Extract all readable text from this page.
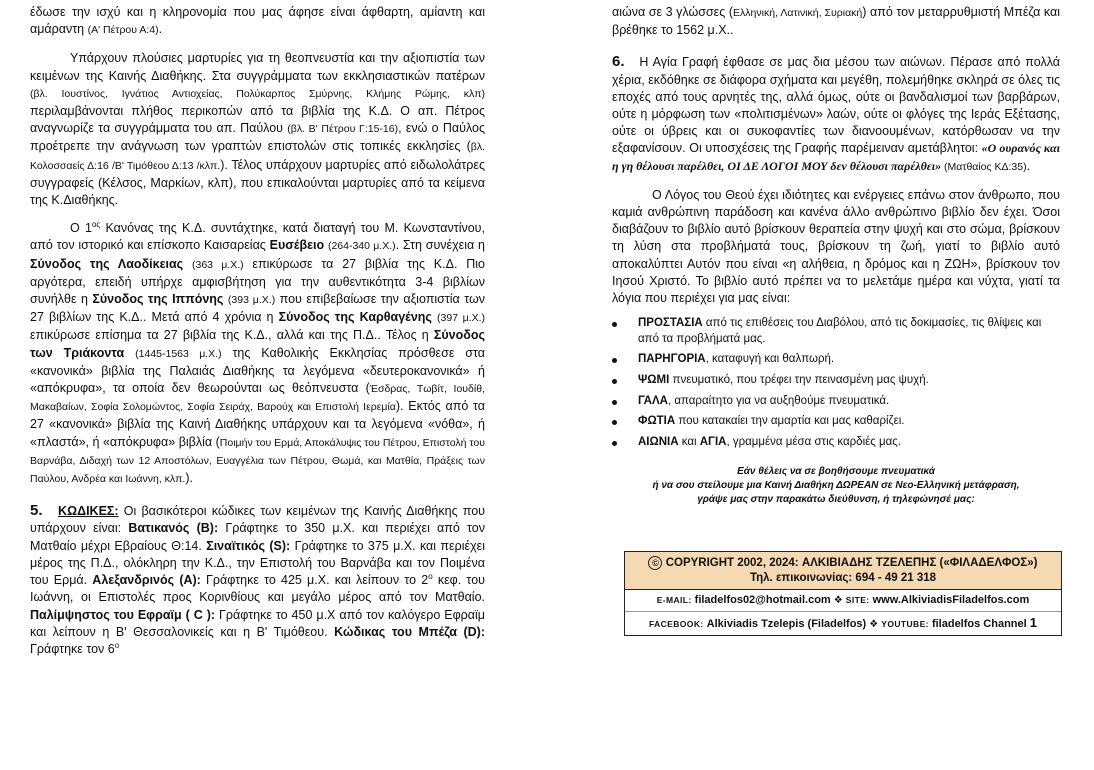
έδωσε την ισχύ και η κληρονομία που μας άφησε είναι άφθαρτη, αμίαντη και αμάραντη (Α' Πέτρου Α:4).

Υπάρχουν πλούσιες μαρτυρίες για τη θεοπνευστία και την αξιοπιστία των κειμένων της Καινής Διαθήκης. Στα συγγράμματα των εκκλησιαστικών πατέρων (βλ. Ιουστίνος, Ιγνάτιος Αντιοχείας, Πολύκαρπος Σμύρνης, Κλήμης Ρώμης, κλπ) περιλαμβάνονται πλήθος περικοπών από τα βιβλία της Κ.Δ. Ο απ. Πέτρος αναγνωρίζε τα συγγράμματα του απ. Παύλου (βλ. Β' Πέτρου Γ:15-16), ενώ ο Παύλος προέτρεπε την ανάγνωση των γραπτών επιστολών στις τοπικές εκκλησίες (βλ. Κολοσσαείς Δ:16 /Β' Τιμόθεου Δ:13 /κλπ.). Τέλος υπάρχουν μαρτυρίες από ειδωλολάτρες συγγραφείς (Κέλσος, Μαρκίων, κλπ), που επικαλούνται μαρτυρίες από τα κείμενα της Κ.Διαθήκης.

Ο $1^{o\varsigma}$ Κανόνας της Κ.Δ. συντάχτηκε, κατά διαταγή του Μ. Κωνσταντίνου, από τον ιστορικό και επίσκοπο Καισαρείας Ευσέβειο (264-340 μ.Χ.). Στη συνέχεια η Σύνοδος της Λαοδίκειας (363 μ.Χ.) επικύρωσε τα 27 βιβλία της Κ.Δ. Πιο αργότερα, επειδή υπήρχε αμφισβήτηση για την αυθεντικότητα 3-4 βιβλίων συνήλθε η Σύνοδος της Ιππόνης (393 μ.Χ.) που επιβεβαίωσε την αξιοπιστία των 27 βιβλίων της Κ.Δ.. Μετά από 4 χρόνια η Σύνοδος της Καρθαγένης (397 μ.Χ.) επικύρωσε επίσημα τα 27 βιβλία της Κ.Δ., αλλά και της Π.Δ.. Τέλος η Σύνοδος των Τριάκοντα (1445-1563 μ.Χ.) της Καθολικής Εκκλησίας πρόσθεσε στα «κανονικά» βιβλία της Παλαιάς Διαθήκης τα λεγόμενα «δευτεροκανονικά» ή «απόκρυφα», τα οποία δεν θεωρούνται ως θεόπνευστα (Έσδρας, Τωβίτ, Ιουδίθ, Μακαβαίων, Σοφία Σολομώντος, Σοφία Σειράχ, Βαρούχ και Επιστολή Ιερεμία). Εκτός από τα 27 «κανονικά» βιβλία της Καινή Διαθήκης υπάρχουν και τα λεγόμενα «νόθα», ή «πλαστά», ή «απόκρυφα» βιβλία (Ποιμήν του Ερμά, Αποκάλυψις του Πέτρου, Επιστολή του Βαρνάβα, Διδαχή των 12 Αποστόλων, Ευαγγέλια των Πέτρου, Θωμά, και Ματθία, Πράξεις των Παύλου, Ανδρέα και Ιωάννη, κλπ.).

5. ΚΩΔΙΚΕΣ: Οι βασικότεροι κώδικες των κειμένων της Καινής Διαθήκης που υπάρχουν είναι: Βατικανός (Β): Γράφτηκε το 350 μ.Χ. και περιέχει από τον Ματθαίο μέχρι Εβραίους Θ:14. Σιναϊτικός (S): Γράφτηκε το 375 μ.Χ. και περιέχει μέρος της Π.Δ., ολόκληρη την Κ.Δ., την Επιστολή του Βαρνάβα και τον Ποιμένα του Ερμά. Αλεξανδρινός (Α): Γράφτηκε το 425 μ.Χ. και λείπουν το $2^o$ κεφ. του Ιωάννη, οι Επιστολές προς Κορινθίους και μεγάλο μέρος από τον Ματθαίο. Παλίμψηστος του Εφραϊμ ( C ): Γράφτηκε το 450 μ.Χ από τον καλόγερο Εφραϊμ και λείπουν η Β' Θεσσαλονικείς και η Β' Τιμόθεου. Κώδικας του Μπέζα (D): Γράφτηκε τον $6^o$

αιώνα σε 3 γλώσσες (Ελληνική, Λατινική, Συριακή) από τον μεταρρυθμιστή Μπέζα και βρέθηκε το 1562 μ.Χ..

6. Η Αγία Γραφή έφθασε σε μας δια μέσου των αιώνων. Πέρασε από πολλά χέρια, εκδόθηκε σε διάφορα σχήματα και μεγέθη, πολεμήθηκε σκληρά σε όλες τις εποχές από τους αρνητές της, αλλά όμως, ούτε οι βανδαλισμοί των βαρβάρων, ούτε η μόρφωση των «πολιτισμένων» λαών, ούτε οι φλόγες της Ιεράς Εξέτασης, ούτε οι ύβρεις και οι συκοφαντίες των διανοουμένων, κατόρθωσαν να την εξαφανίσουν. Οι υποσχέσεις της Γραφής παρέμειναν αμετάβλητοι: «Ο ουρανός και η γη θέλουσι παρέλθει, ΟΙ ΔΕ ΛΟΓΟΙ ΜΟΥ δεν θέλουσι παρέλθει» (Ματθαίος ΚΔ:35).

Ο Λόγος του Θεού έχει ιδιότητες και ενέργειες επάνω στον άνθρωπο, που καμιά ανθρώπινη παράδοση και κανένα άλλο ανθρώπινο βιβλίο δεν έχει. Όσοι διαβάζουν το βιβλίο αυτό βρίσκουν θεραπεία στην ψυχή και στο σώμα, βρίσκουν τη λύση στα προβλήματά τους, βρίσκουν τη ζωή, γιατί το βιβλίο αυτό αποκαλύπτει Αυτόν που είναι «η αλήθεια, η δρόμος και η ΖΩΗ», βρίσκουν τον Ιησού Χριστό. Το βιβλίο αυτό πρέπει να το μελετάμε ημέρα και νύχτα, γιατί τα λόγια που περιέχει για μας είναι:

ΠΡΟΣΤΑΣΙΑ από τις επιθέσεις του Διαβόλου, από τις δοκιμασίες, τις θλίψεις και από τα προβλήματά μας.
ΠΑΡΗΓΟΡΙΑ, καταφυγή και θαλπωρή.
ΨΩΜΙ πνευματικό, που τρέφει την πεινασμένη μας ψυχή.
ΓΑΛΑ, απαραίτητο για να αυξηθούμε πνευματικά.
ΦΩΤΙΑ που κατακαίει την αμαρτία και μας καθαρίζει.
ΑΙΩΝΙΑ και ΑΓΙΑ, γραμμένα μέσα στις καρδιές μας.
Εάν θέλεις να σε βοηθήσουμε πνευματικά
ή να σου στείλουμε μια Καινή Διαθήκη ΔΩΡΕΑΝ σε Νεο-Ελληνική μετάφραση,
γράψε μας στην παρακάτω διεύθυνση, ή τηλεφώνησέ μας:
© COPYRIGHT 2002, 2024: ΑΛΚΙΒΙΑΔΗΣ ΤΖΕΛΕΠΗΣ («ΦΙΛΑΔΕΛΦΟΣ»)
Τηλ. επικοινωνίας: 694 - 49 21 318
E-MAIL: filadelfos02@hotmail.com ❖ SITE: www.AlkiviadisFiladelfos.com
FACEBOOK: Alkiviadis Tzelepis (Filadelfos) ❖ YOUTUBE: filadelfos Channel 1
